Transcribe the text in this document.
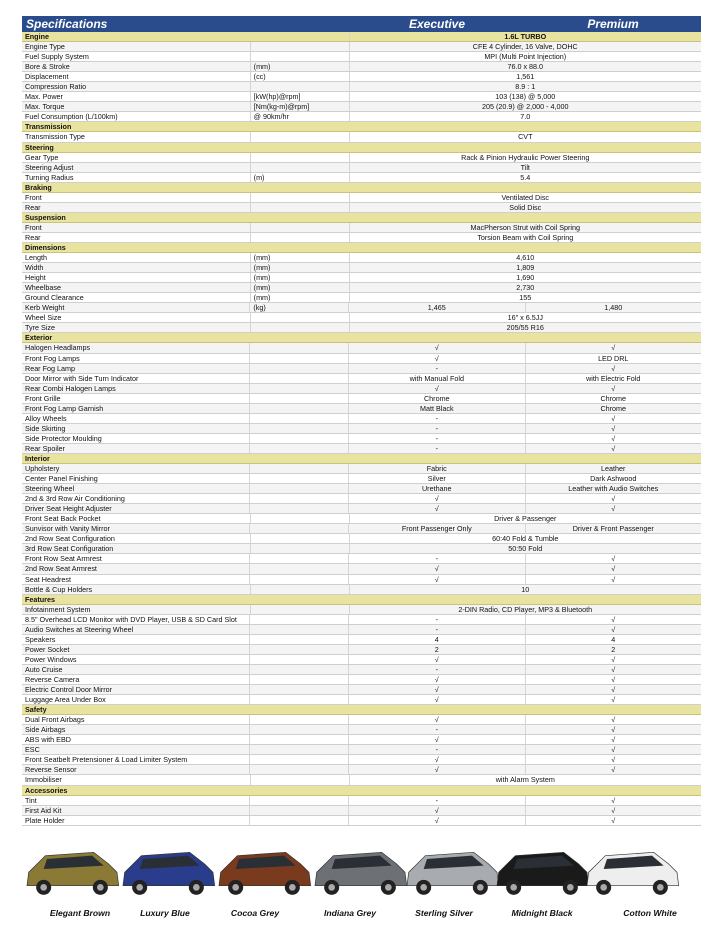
Specifications	Executive	Premium
Engine	1.6L TURBO
Engine Type	CFE 4 Cylinder, 16 Valve, DOHC
Fuel Supply System	MPI (Multi Point Injection)
Bore & Stroke	(mm)	76.0 x 88.0
Displacement	(cc)	1,561
Compression Ratio	8.9 : 1
Max. Power	[kW(hp)@rpm]	103 (138) @ 5,000
Max. Torque	[Nm(kg-m)@rpm]	205 (20.9) @ 2,000 - 4,000
Fuel Consumption (L/100km)	@ 90km/hr	7.0
Transmission
Transmission Type	CVT
Steering
Gear Type	Rack & Pinion Hydraulic Power Steering
Steering Adjust	Tilt
Turning Radius	(m)	5.4
Braking
Front	Ventilated Disc
Rear	Solid Disc
Suspension
Front	MacPherson Strut with Coil Spring
Rear	Torsion Beam with Coil Spring
Dimensions
Length	(mm)	4,610
Width	(mm)	1,809
Height	(mm)	1,690
Wheelbase	(mm)	2,730
Ground Clearance	(mm)	155
Kerb Weight	(kg)	1,465	1,480
Wheel Size	16" x 6.5JJ
Tyre Size	205/55 R16
Exterior
Halogen Headlamps	√	√
Front Fog Lamps	√	LED DRL
Rear Fog Lamp	-	√
Door Mirror with Side Turn Indicator	with Manual Fold	with Electric Fold
Rear Combi Halogen Lamps	√	√
Front Grille	Chrome	Chrome
Front Fog Lamp Garnish	Matt Black	Chrome
Alloy Wheels	-	√
Side Skirting	-	√
Side Protector Moulding	-	√
Rear Spoiler	-	√
Interior
Upholstery	Fabric	Leather
Center Panel Finishing	Silver	Dark Ashwood
Steering Wheel	Urethane	Leather with Audio Switches
2nd & 3rd Row Air Conditioning	√	√
Driver Seat Height Adjuster	√	√
Front Seat Back Pocket	Driver & Passenger
Sunvisor with Vanity Mirror	Front Passenger Only	Driver & Front Passenger
2nd Row Seat Configuration	60:40 Fold & Tumble
3rd Row Seat Configuration	50:50 Fold
Front Row Seat Armrest	-	√
2nd Row Seat Armrest	√	√
Seat Headrest	√	√
Bottle & Cup Holders	10
Features
Infotainment System	2-DIN Radio, CD Player, MP3 & Bluetooth
8.5" Overhead LCD Monitor with DVD Player, USB & SD Card Slot	-	√
Audio Switches at Steering Wheel	-	√
Speakers	4	4
Power Socket	2	2
Power Windows	√	√
Auto Cruise	-	√
Reverse Camera	√	√
Electric Control Door Mirror	√	√
Luggage Area Under Box	√	√
Safety
Dual Front Airbags	√	√
Side Airbags	-	√
ABS with EBD	√	√
ESC	-	√
Front Seatbelt Pretensioner & Load Limiter System	√	√
Reverse Sensor	√	√
Immobiliser	with Alarm System
Accessories
Tint	-	√
First Aid Kit	√	√
Plate Holder	√	√
Elegant Brown	Luxury Blue	Cocoa Grey	Indiana Grey	Sterling Silver	Midnight Black	Cotton White
